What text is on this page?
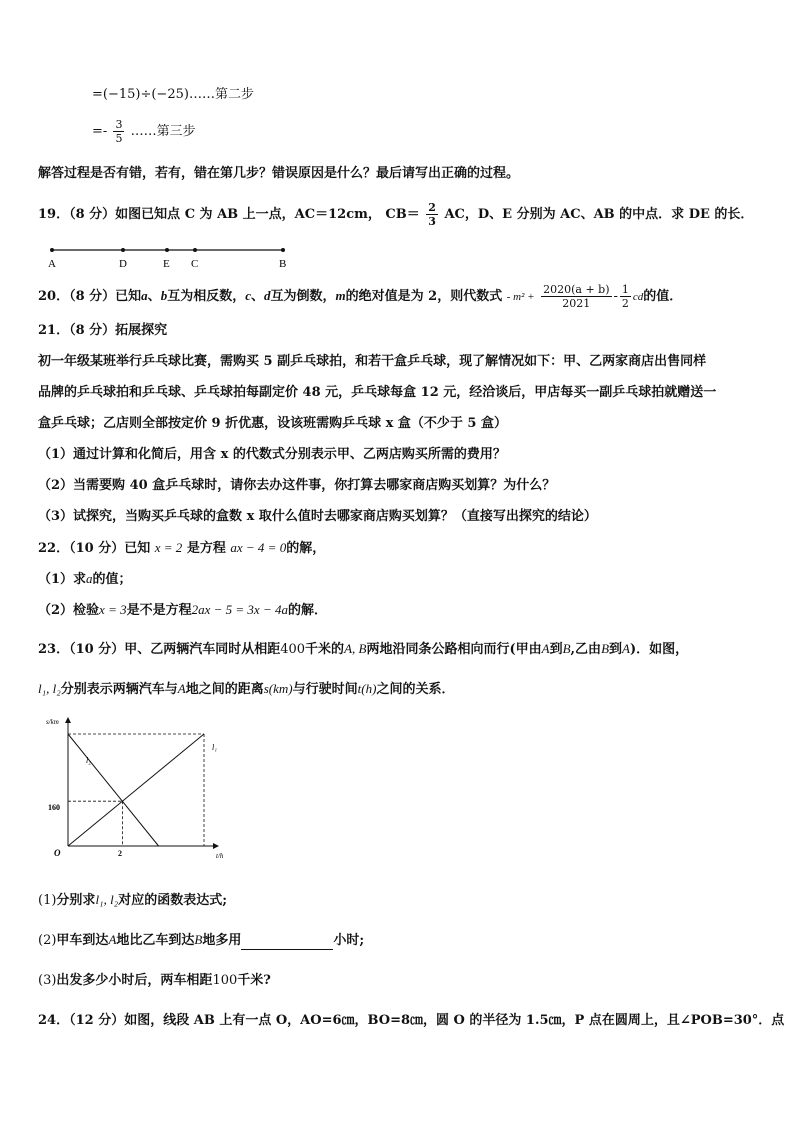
=(−15)÷(−25)……第二步
=- $\frac{3}{5}$ ……第三步
解答过程是否有错，若有，错在第几步？错误原因是什么？最后请写出正确的过程。
19．（8 分）如图已知点 C 为 AB 上一点，AC＝12cm， $CB= \frac{2}{3}$ AC，D、E 分别为 AC、AB 的中点．求 DE 的长．
A	D	E C	B
20．（8 分）已知a、b互为相反数，c、d互为倒数，m的绝对值是为 2，则代数式 - $m^2 + \frac{2020(a + b)}{2021} - \frac{1}{2}$ cd的值．
21．（8 分）拓展探究
初一年级某班举行乒乓球比赛，需购买 5 副乒乓球拍，和若干盒乒乓球，现了解情况如下：甲、乙两家商店出售同样
品牌的乒乓球拍和乒乓球、乒乓球拍每副定价 48 元，乒乓球每盒 12 元，经洽谈后，甲店每买一副乒乓球拍就赠送一
盒乒乓球；乙店则全部按定价 9 折优惠，设该班需购乒乓球 x 盒（不少于 5 盒）
（1）通过计算和化简后，用含 x 的代数式分别表示甲、乙两店购买所需的费用？
（2）当需要购 40 盒乒乓球时，请你去办这件事，你打算去哪家商店购买划算？为什么？
（3）试探究，当购买乒乓球的盒数 x 取什么值时去哪家商店购买划算？（直接写出探究的结论）
22．（10 分）已知 x = 2 是方程 ax − 4 = 0的解，
（1）求a的值；
（2）检验x = 3是不是方程2ax − 5 = 3x − 4a的解．
23．（10 分）甲、乙两辆汽车同时从相距400千米的A, B两地沿同条公路相向而行(甲由A到B,乙由B到A)．如图，
l₁, l₂分别表示两辆汽车与A地之间的距离s(km)与行驶时间t(h)之间的关系．
s/km
t/h
O
160
2
l₁
l₂
(1)分别求l₁, l₂对应的函数表达式;
(2)甲车到达A地比乙车到达B地多用	小时;
(3)出发多少小时后，两车相距100千米?
24．（12 分）如图，线段 AB 上有一点 O，AO=6㎝，BO=8㎝，圆 O 的半径为 1.5㎝，P 点在圆周上，且∠POB=30°．点
